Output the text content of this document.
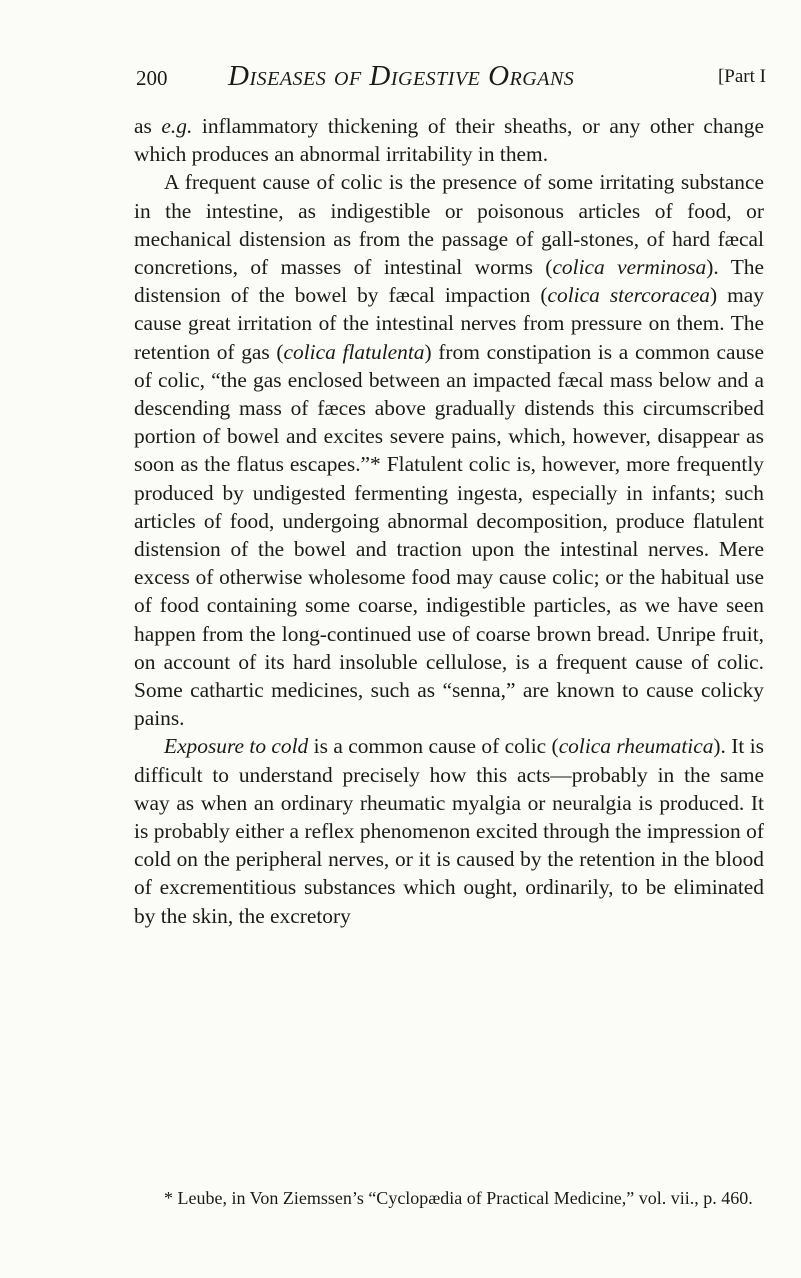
200 Diseases of Digestive Organs	[Part I

as e.g. inflammatory thickening of their sheaths, or any other change which produces an abnormal irritability in them.

A frequent cause of colic is the presence of some irritating substance in the intestine, as indigestible or poisonous articles of food, or mechanical distension as from the passage of gall-stones, of hard fæcal concretions, of masses of intestinal worms (colica verminosa). The distension of the bowel by fæcal impaction (colica stercoracea) may cause great irritation of the intestinal nerves from pressure on them. The retention of gas (colica flatulenta) from constipation is a common cause of colic, “the gas enclosed between an impacted fæcal mass below and a descending mass of fæces above gradually distends this circumscribed portion of bowel and excites severe pains, which, however, disappear as soon as the flatus escapes.”* Flatulent colic is, however, more frequently produced by undigested fermenting ingesta, especially in infants; such articles of food, undergoing abnormal decomposition, produce flatulent distension of the bowel and traction upon the intestinal nerves. Mere excess of otherwise wholesome food may cause colic; or the habitual use of food containing some coarse, indigestible particles, as we have seen happen from the long-continued use of coarse brown bread. Unripe fruit, on account of its hard insoluble cellulose, is a frequent cause of colic. Some cathartic medicines, such as “senna,” are known to cause colicky pains.

Exposure to cold is a common cause of colic (colica rheumatica). It is difficult to understand precisely how this acts—probably in the same way as when an ordinary rheumatic myalgia or neuralgia is produced. It is probably either a reflex phenomenon excited through the impression of cold on the peripheral nerves, or it is caused by the retention in the blood of excrementitious substances which ought, ordinarily, to be eliminated by the skin, the excretory

* Leube, in Von Ziemssen’s “Cyclopædia of Practical Medicine,” vol. vii., p. 460.
